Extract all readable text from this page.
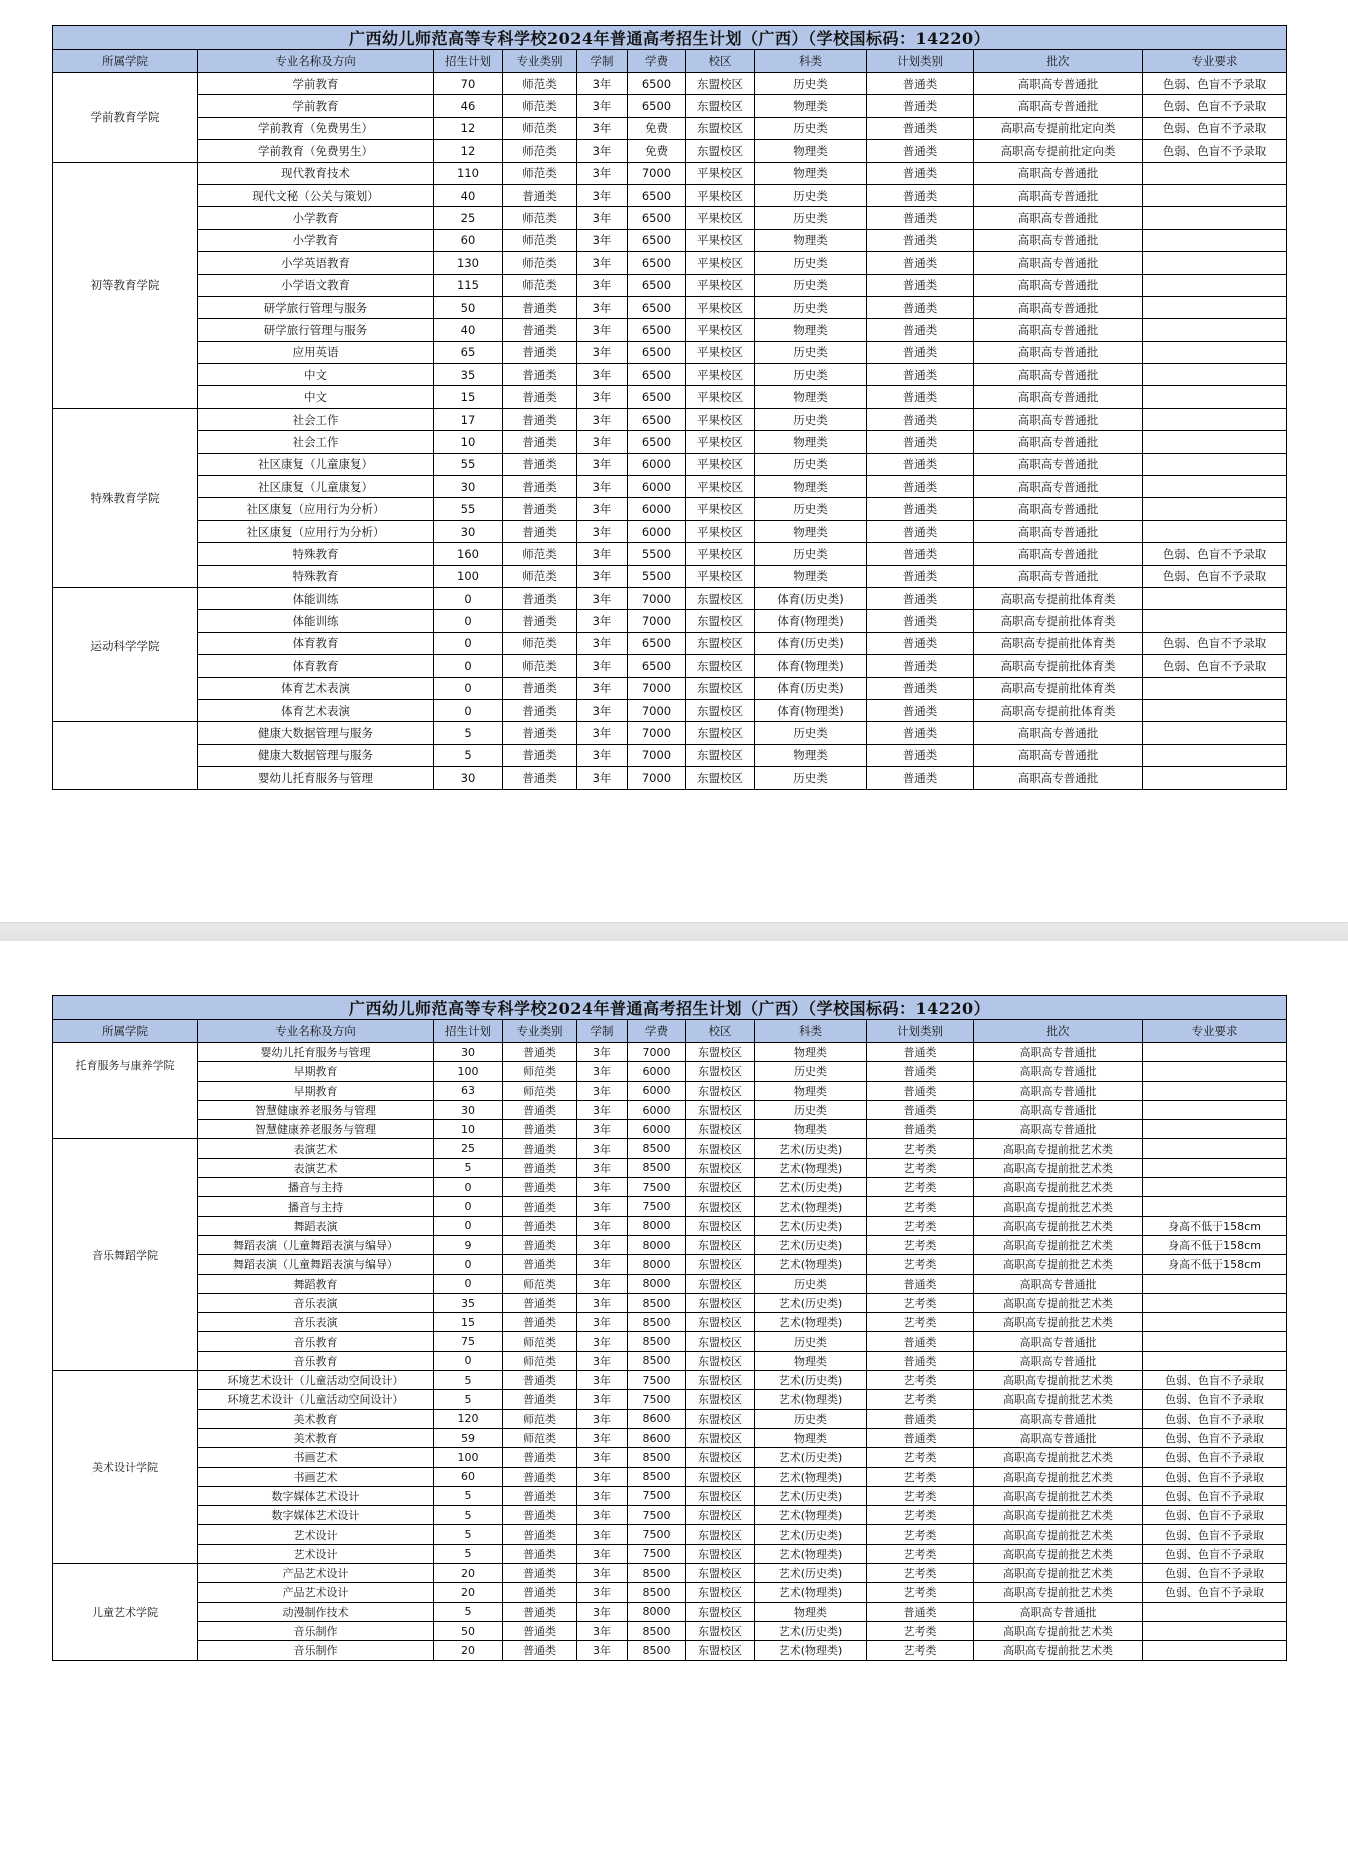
广西幼儿师范高等专科学校2024年普通高考招生计划（广西）（学校国标码：14220）										
所属学院	专业名称及方向	招生计划	专业类别	学制	学费	校区	科类	计划类别	批次	专业要求
学前教育学院	学前教育	70	师范类	3年	6500	东盟校区	历史类	普通类	高职高专普通批	色弱、色盲不予录取
	学前教育	46	师范类	3年	6500	东盟校区	物理类	普通类	高职高专普通批	色弱、色盲不予录取
	学前教育（免费男生）	12	师范类	3年	免费	东盟校区	历史类	普通类	高职高专提前批定向类	色弱、色盲不予录取
	学前教育（免费男生）	12	师范类	3年	免费	东盟校区	物理类	普通类	高职高专提前批定向类	色弱、色盲不予录取
初等教育学院	现代教育技术	110	师范类	3年	7000	平果校区	物理类	普通类	高职高专普通批	
	现代文秘（公关与策划）	40	普通类	3年	6500	平果校区	历史类	普通类	高职高专普通批	
	小学教育	25	师范类	3年	6500	平果校区	历史类	普通类	高职高专普通批	
	小学教育	60	师范类	3年	6500	平果校区	物理类	普通类	高职高专普通批	
	小学英语教育	130	师范类	3年	6500	平果校区	历史类	普通类	高职高专普通批	
	小学语文教育	115	师范类	3年	6500	平果校区	历史类	普通类	高职高专普通批	
	研学旅行管理与服务	50	普通类	3年	6500	平果校区	历史类	普通类	高职高专普通批	
	研学旅行管理与服务	40	普通类	3年	6500	平果校区	物理类	普通类	高职高专普通批	
	应用英语	65	普通类	3年	6500	平果校区	历史类	普通类	高职高专普通批	
	中文	35	普通类	3年	6500	平果校区	历史类	普通类	高职高专普通批	
	中文	15	普通类	3年	6500	平果校区	物理类	普通类	高职高专普通批	
特殊教育学院	社会工作	17	普通类	3年	6500	平果校区	历史类	普通类	高职高专普通批	
	社会工作	10	普通类	3年	6500	平果校区	物理类	普通类	高职高专普通批	
	社区康复（儿童康复）	55	普通类	3年	6000	平果校区	历史类	普通类	高职高专普通批	
	社区康复（儿童康复）	30	普通类	3年	6000	平果校区	物理类	普通类	高职高专普通批	
	社区康复（应用行为分析）	55	普通类	3年	6000	平果校区	历史类	普通类	高职高专普通批	
	社区康复（应用行为分析）	30	普通类	3年	6000	平果校区	物理类	普通类	高职高专普通批	
	特殊教育	160	师范类	3年	5500	平果校区	历史类	普通类	高职高专普通批	色弱、色盲不予录取
	特殊教育	100	师范类	3年	5500	平果校区	物理类	普通类	高职高专普通批	色弱、色盲不予录取
运动科学学院	体能训练	0	普通类	3年	7000	东盟校区	体育(历史类)	普通类	高职高专提前批体育类	
	体能训练	0	普通类	3年	7000	东盟校区	体育(物理类)	普通类	高职高专提前批体育类	
	体育教育	0	师范类	3年	6500	东盟校区	体育(历史类)	普通类	高职高专提前批体育类	色弱、色盲不予录取
	体育教育	0	师范类	3年	6500	东盟校区	体育(物理类)	普通类	高职高专提前批体育类	色弱、色盲不予录取
	体育艺术表演	0	普通类	3年	7000	东盟校区	体育(历史类)	普通类	高职高专提前批体育类	
	体育艺术表演	0	普通类	3年	7000	东盟校区	体育(物理类)	普通类	高职高专提前批体育类	
	健康大数据管理与服务	5	普通类	3年	7000	东盟校区	历史类	普通类	高职高专普通批	
	健康大数据管理与服务	5	普通类	3年	7000	东盟校区	物理类	普通类	高职高专普通批	
	婴幼儿托育服务与管理	30	普通类	3年	7000	东盟校区	历史类	普通类	高职高专普通批	
广西幼儿师范高等专科学校2024年普通高考招生计划（广西）（学校国标码：14220）										
所属学院	专业名称及方向	招生计划	专业类别	学制	学费	校区	科类	计划类别	批次	专业要求
托育服务与康养学院	婴幼儿托育服务与管理	30	普通类	3年	7000	东盟校区	物理类	普通类	高职高专普通批	
	早期教育	100	师范类	3年	6000	东盟校区	历史类	普通类	高职高专普通批	
	早期教育	63	师范类	3年	6000	东盟校区	物理类	普通类	高职高专普通批	
	智慧健康养老服务与管理	30	普通类	3年	6000	东盟校区	历史类	普通类	高职高专普通批	
	智慧健康养老服务与管理	10	普通类	3年	6000	东盟校区	物理类	普通类	高职高专普通批	
音乐舞蹈学院	表演艺术	25	普通类	3年	8500	东盟校区	艺术(历史类)	艺考类	高职高专提前批艺术类	
	表演艺术	5	普通类	3年	8500	东盟校区	艺术(物理类)	艺考类	高职高专提前批艺术类	
	播音与主持	0	普通类	3年	7500	东盟校区	艺术(历史类)	艺考类	高职高专提前批艺术类	
	播音与主持	0	普通类	3年	7500	东盟校区	艺术(物理类)	艺考类	高职高专提前批艺术类	
	舞蹈表演	0	普通类	3年	8000	东盟校区	艺术(历史类)	艺考类	高职高专提前批艺术类	身高不低于158cm
	舞蹈表演（儿童舞蹈表演与编导）	9	普通类	3年	8000	东盟校区	艺术(历史类)	艺考类	高职高专提前批艺术类	身高不低于158cm
	舞蹈表演（儿童舞蹈表演与编导）	0	普通类	3年	8000	东盟校区	艺术(物理类)	艺考类	高职高专提前批艺术类	身高不低于158cm
	舞蹈教育	0	师范类	3年	8000	东盟校区	历史类	普通类	高职高专普通批	
	音乐表演	35	普通类	3年	8500	东盟校区	艺术(历史类)	艺考类	高职高专提前批艺术类	
	音乐表演	15	普通类	3年	8500	东盟校区	艺术(物理类)	艺考类	高职高专提前批艺术类	
	音乐教育	75	师范类	3年	8500	东盟校区	历史类	普通类	高职高专普通批	
	音乐教育	0	师范类	3年	8500	东盟校区	物理类	普通类	高职高专普通批	
美术设计学院	环境艺术设计（儿童活动空间设计）	5	普通类	3年	7500	东盟校区	艺术(历史类)	艺考类	高职高专提前批艺术类	色弱、色盲不予录取
	环境艺术设计（儿童活动空间设计）	5	普通类	3年	7500	东盟校区	艺术(物理类)	艺考类	高职高专提前批艺术类	色弱、色盲不予录取
	美术教育	120	师范类	3年	8600	东盟校区	历史类	普通类	高职高专普通批	色弱、色盲不予录取
	美术教育	59	师范类	3年	8600	东盟校区	物理类	普通类	高职高专普通批	色弱、色盲不予录取
	书画艺术	100	普通类	3年	8500	东盟校区	艺术(历史类)	艺考类	高职高专提前批艺术类	色弱、色盲不予录取
	书画艺术	60	普通类	3年	8500	东盟校区	艺术(物理类)	艺考类	高职高专提前批艺术类	色弱、色盲不予录取
	数字媒体艺术设计	5	普通类	3年	7500	东盟校区	艺术(历史类)	艺考类	高职高专提前批艺术类	色弱、色盲不予录取
	数字媒体艺术设计	5	普通类	3年	7500	东盟校区	艺术(物理类)	艺考类	高职高专提前批艺术类	色弱、色盲不予录取
	艺术设计	5	普通类	3年	7500	东盟校区	艺术(历史类)	艺考类	高职高专提前批艺术类	色弱、色盲不予录取
	艺术设计	5	普通类	3年	7500	东盟校区	艺术(物理类)	艺考类	高职高专提前批艺术类	色弱、色盲不予录取
儿童艺术学院	产品艺术设计	20	普通类	3年	8500	东盟校区	艺术(历史类)	艺考类	高职高专提前批艺术类	色弱、色盲不予录取
	产品艺术设计	20	普通类	3年	8500	东盟校区	艺术(物理类)	艺考类	高职高专提前批艺术类	色弱、色盲不予录取
	动漫制作技术	5	普通类	3年	8000	东盟校区	物理类	普通类	高职高专普通批	
	音乐制作	50	普通类	3年	8500	东盟校区	艺术(历史类)	艺考类	高职高专提前批艺术类	
	音乐制作	20	普通类	3年	8500	东盟校区	艺术(物理类)	艺考类	高职高专提前批艺术类	
